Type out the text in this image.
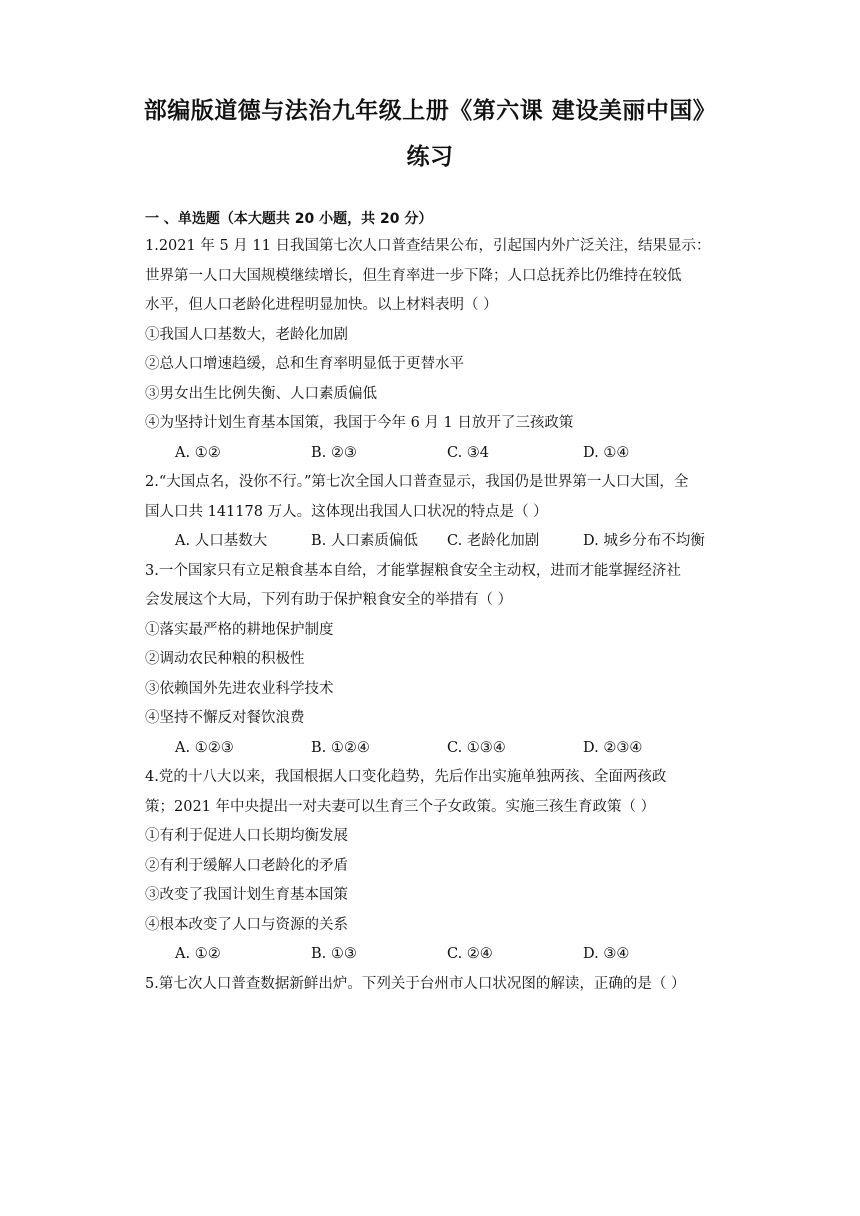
部编版道德与法治九年级上册《第六课 建设美丽中国》
练习
一 、单选题（本大题共 20 小题，共 20 分）
1.2021 年 5 月 11 日我国第七次人口普查结果公布，引起国内外广泛关注，结果显示：
世界第一人口大国规模继续增长，但生育率进一步下降；人口总抚养比仍维持在较低
水平，但人口老龄化进程明显加快。以上材料表明（ ）
①我国人口基数大，老龄化加剧
②总人口增速趋缓，总和生育率明显低于更替水平
③男女出生比例失衡、人口素质偏低
④为坚持计划生育基本国策，我国于今年 6 月 1 日放开了三孩政策
A. ①②	B. ②③	C. ③4	D. ①④
2.“大国点名，没你不行。”第七次全国人口普查显示，我国仍是世界第一人口大国，全
国人口共 141178 万人。这体现出我国人口状况的特点是（ ）
A. 人口基数大	B. 人口素质偏低 C. 老龄化加剧	D. 城乡分布不均衡
3.一个国家只有立足粮食基本自给，才能掌握粮食安全主动权，进而才能掌握经济社
会发展这个大局，下列有助于保护粮食安全的举措有（ ）
①落实最严格的耕地保护制度
②调动农民种粮的积极性
③依赖国外先进农业科学技术
④坚持不懈反对餐饮浪费
A. ①②③	B. ①②④	C. ①③④	D. ②③④
4.党的十八大以来，我国根据人口变化趋势，先后作出实施单独两孩、全面两孩政
策；2021 年中央提出一对夫妻可以生育三个子女政策。实施三孩生育政策（ ）
①有利于促进人口长期均衡发展
②有利于缓解人口老龄化的矛盾
③改变了我国计划生育基本国策
④根本改变了人口与资源的关系
A. ①②	B. ①③	C. ②④	D. ③④
5.第七次人口普查数据新鲜出炉。下列关于台州市人口状况图的解读，正确的是（ ）
